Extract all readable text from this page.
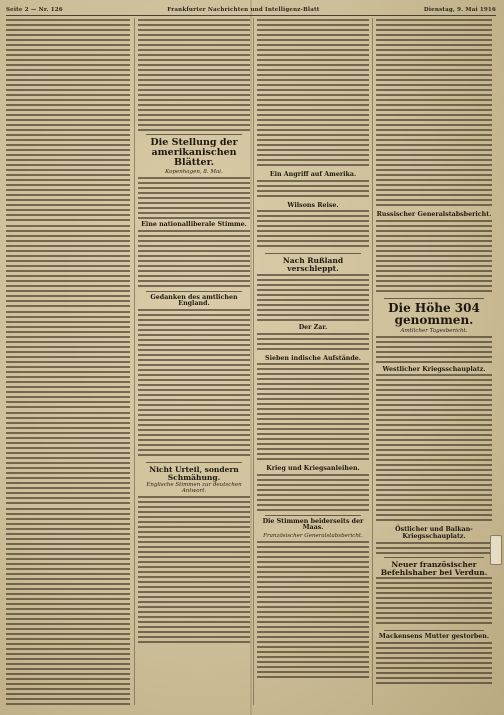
Seite 2 — Nr. 126	Frankfurter Nachrichten und Intelligenz-Blatt	Dienstag, 9. Mai 1916
Die Stellung der amerikanischen Blätter.
Kopenhagen, 8. Mai.
Eine nationalliberale Stimme.
Gedanken des amtlichen England.
Nicht Urteil, sondern Schmähung.
Englische Stimmen zur deutschen Antwort.
Ein Angriff auf Amerika.
Wilsons Reise.
Nach Rußland verschleppt.
Der Zar.
Sieben indische Aufstände.
Krieg und Kriegsanleihen.
Die Stimmen beiderseits der Maas.
Französischer Generalstabsbericht.
Russischer Generalstabsbericht.
Die Höhe 304 genommen.
Amtlicher Tagesbericht.
Westlicher Kriegsschauplatz.
Östlicher und Balkan-Kriegsschauplatz.
Neuer französischer Befehlshaber bei Verdun.
Mackensens Mutter gestorben.
